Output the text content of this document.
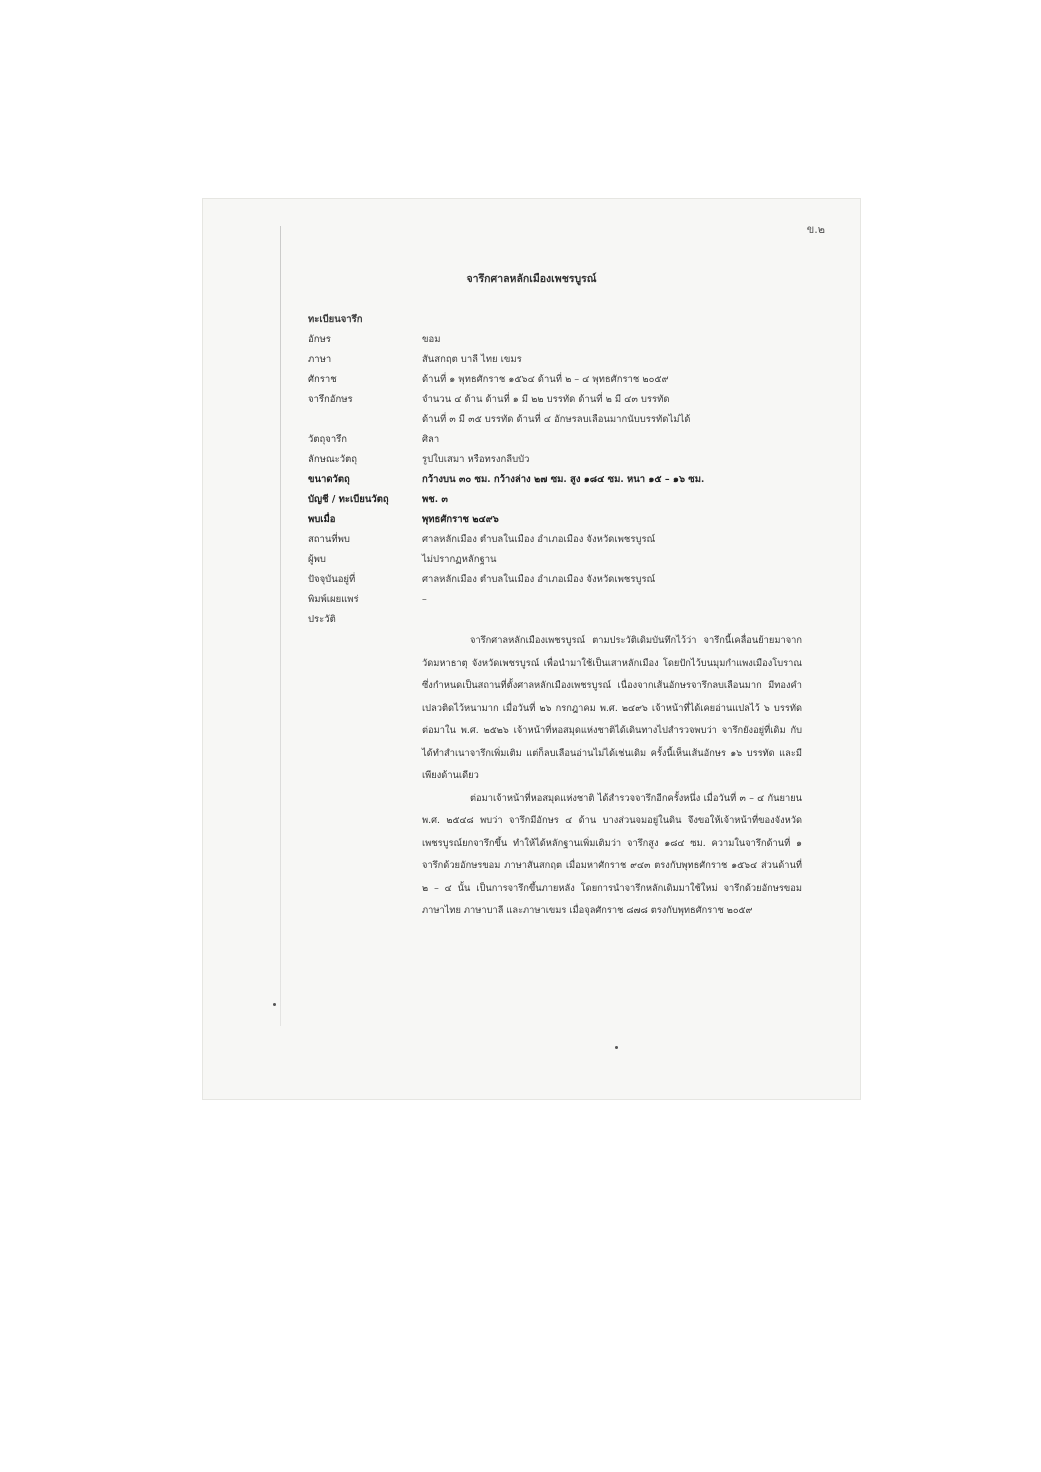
ข.๒
จารึกศาลหลักเมืองเพชรบูรณ์
ทะเบียนจารึก
อักษร	ขอม
ภาษา	สันสกฤต บาลี ไทย เขมร
ศักราช	ด้านที่ ๑ พุทธศักราช ๑๕๖๔ ด้านที่ ๒ – ๔ พุทธศักราช ๒๐๕๙
จารึกอักษร	จำนวน ๔ ด้าน ด้านที่ ๑ มี ๒๒ บรรทัด ด้านที่ ๒ มี ๔๓ บรรทัด
ด้านที่ ๓ มี ๓๕ บรรทัด ด้านที่ ๔ อักษรลบเลือนมากนับบรรทัดไม่ได้
วัตถุจารึก	ศิลา
ลักษณะวัตถุ	รูปใบเสมา หรือทรงกลีบบัว
ขนาดวัตถุ	กว้างบน ๓๐ ซม. กว้างล่าง ๒๗ ซม. สูง ๑๘๔ ซม. หนา ๑๕ – ๑๖ ซม.
บัญชี / ทะเบียนวัตถุ	พช. ๓
พบเมื่อ	พุทธศักราช ๒๔๙๖
สถานที่พบ	ศาลหลักเมือง ตำบลในเมือง อำเภอเมือง จังหวัดเพชรบูรณ์
ผู้พบ	ไม่ปรากฏหลักฐาน
ปัจจุบันอยู่ที่	ศาลหลักเมือง ตำบลในเมือง อำเภอเมือง จังหวัดเพชรบูรณ์
พิมพ์เผยแพร่	–
ประวัติ

จารึกศาลหลักเมืองเพชรบูรณ์ ตามประวัติเดิมบันทึกไว้ว่า จารึกนี้เคลื่อนย้ายมาจากวัดมหาธาตุ จังหวัดเพชรบูรณ์ เพื่อนำมาใช้เป็นเสาหลักเมือง โดยปักไว้บนมุมกำแพงเมืองโบราณ ซึ่งกำหนดเป็นสถานที่ตั้งศาลหลักเมืองเพชรบูรณ์ เนื่องจากเส้นอักษรจารึกลบเลือนมาก มีทองคำเปลวติดไว้หนามาก เมื่อวันที่ ๒๖ กรกฎาคม พ.ศ. ๒๔๙๖ เจ้าหน้าที่ได้เคยอ่านแปลไว้ ๖ บรรทัด ต่อมาใน พ.ศ. ๒๕๒๖ เจ้าหน้าที่หอสมุดแห่งชาติได้เดินทางไปสำรวจพบว่า จารึกยังอยู่ที่เดิม กับได้ทำสำเนาจารึกเพิ่มเติม แต่ก็ลบเลือนอ่านไม่ได้เช่นเดิม ครั้งนี้เห็นเส้นอักษร ๑๖ บรรทัด และมีเพียงด้านเดียว

ต่อมาเจ้าหน้าที่หอสมุดแห่งชาติ ได้สำรวจจารึกอีกครั้งหนึ่ง เมื่อวันที่ ๓ – ๔ กันยายน พ.ศ. ๒๕๔๘ พบว่า จารึกมีอักษร ๔ ด้าน บางส่วนจมอยู่ในดิน จึงขอให้เจ้าหน้าที่ของจังหวัดเพชรบูรณ์ยกจารึกขึ้น ทำให้ได้หลักฐานเพิ่มเติมว่า จารึกสูง ๑๘๔ ซม. ความในจารึกด้านที่ ๑ จารึกด้วยอักษรขอม ภาษาสันสกฤต เมื่อมหาศักราช ๙๔๓ ตรงกับพุทธศักราช ๑๕๖๔ ส่วนด้านที่ ๒ – ๔ นั้น เป็นการจารึกขึ้นภายหลัง โดยการนำจารึกหลักเดิมมาใช้ใหม่ จารึกด้วยอักษรขอม ภาษาไทย ภาษาบาลี และภาษาเขมร เมื่อจุลศักราช ๘๗๘ ตรงกับพุทธศักราช ๒๐๕๙
